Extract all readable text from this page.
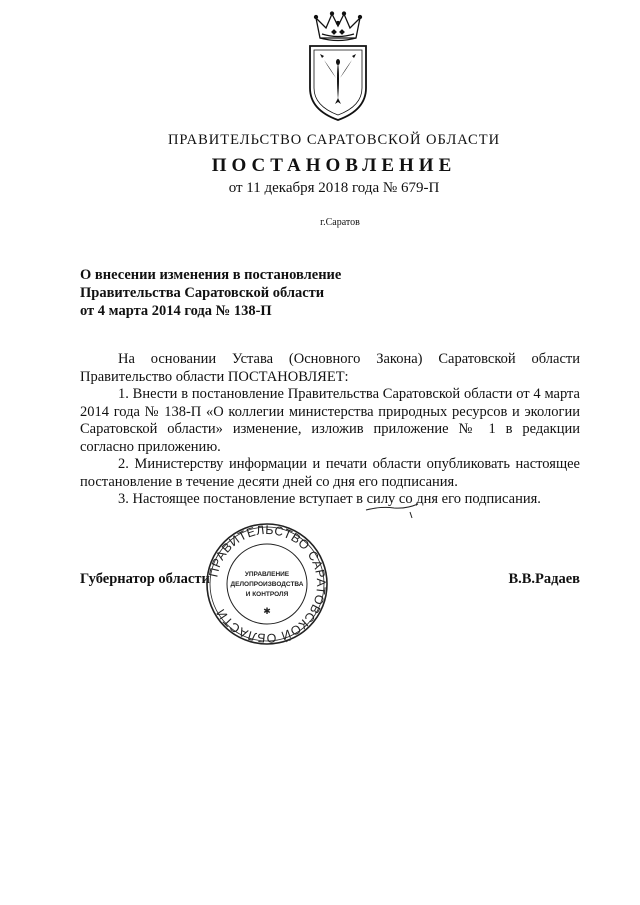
ПРАВИТЕЛЬСТВО САРАТОВСКОЙ ОБЛАСТИ
ПОСТАНОВЛЕНИЕ
от 11 декабря 2018 года № 679-П
г.Саратов
О внесении изменения в постановление
Правительства Саратовской области
от 4 марта 2014 года № 138-П

На основании Устава (Основного Закона) Саратовской области Правительство области ПОСТАНОВЛЯЕТ:

1. Внести в постановление Правительства Саратовской области от 4 марта 2014 года № 138-П «О коллегии министерства природных ресурсов и экологии Саратовской области» изменение, изложив приложение № 1 в редакции согласно приложению.

2. Министерству информации и печати области опубликовать настоящее постановление в течение десяти дней со дня его подписания.

3. Настоящее постановление вступает в силу со дня его подписания.

Губернатор области	В.В.Радаев
ПРАВИТЕЛЬСТВО САРАТОВСКОЙ ОБЛАСТИ
УПРАВЛЕНИЕ
ДЕЛОПРОИЗВОДСТВА
И КОНТРОЛЯ
✱
